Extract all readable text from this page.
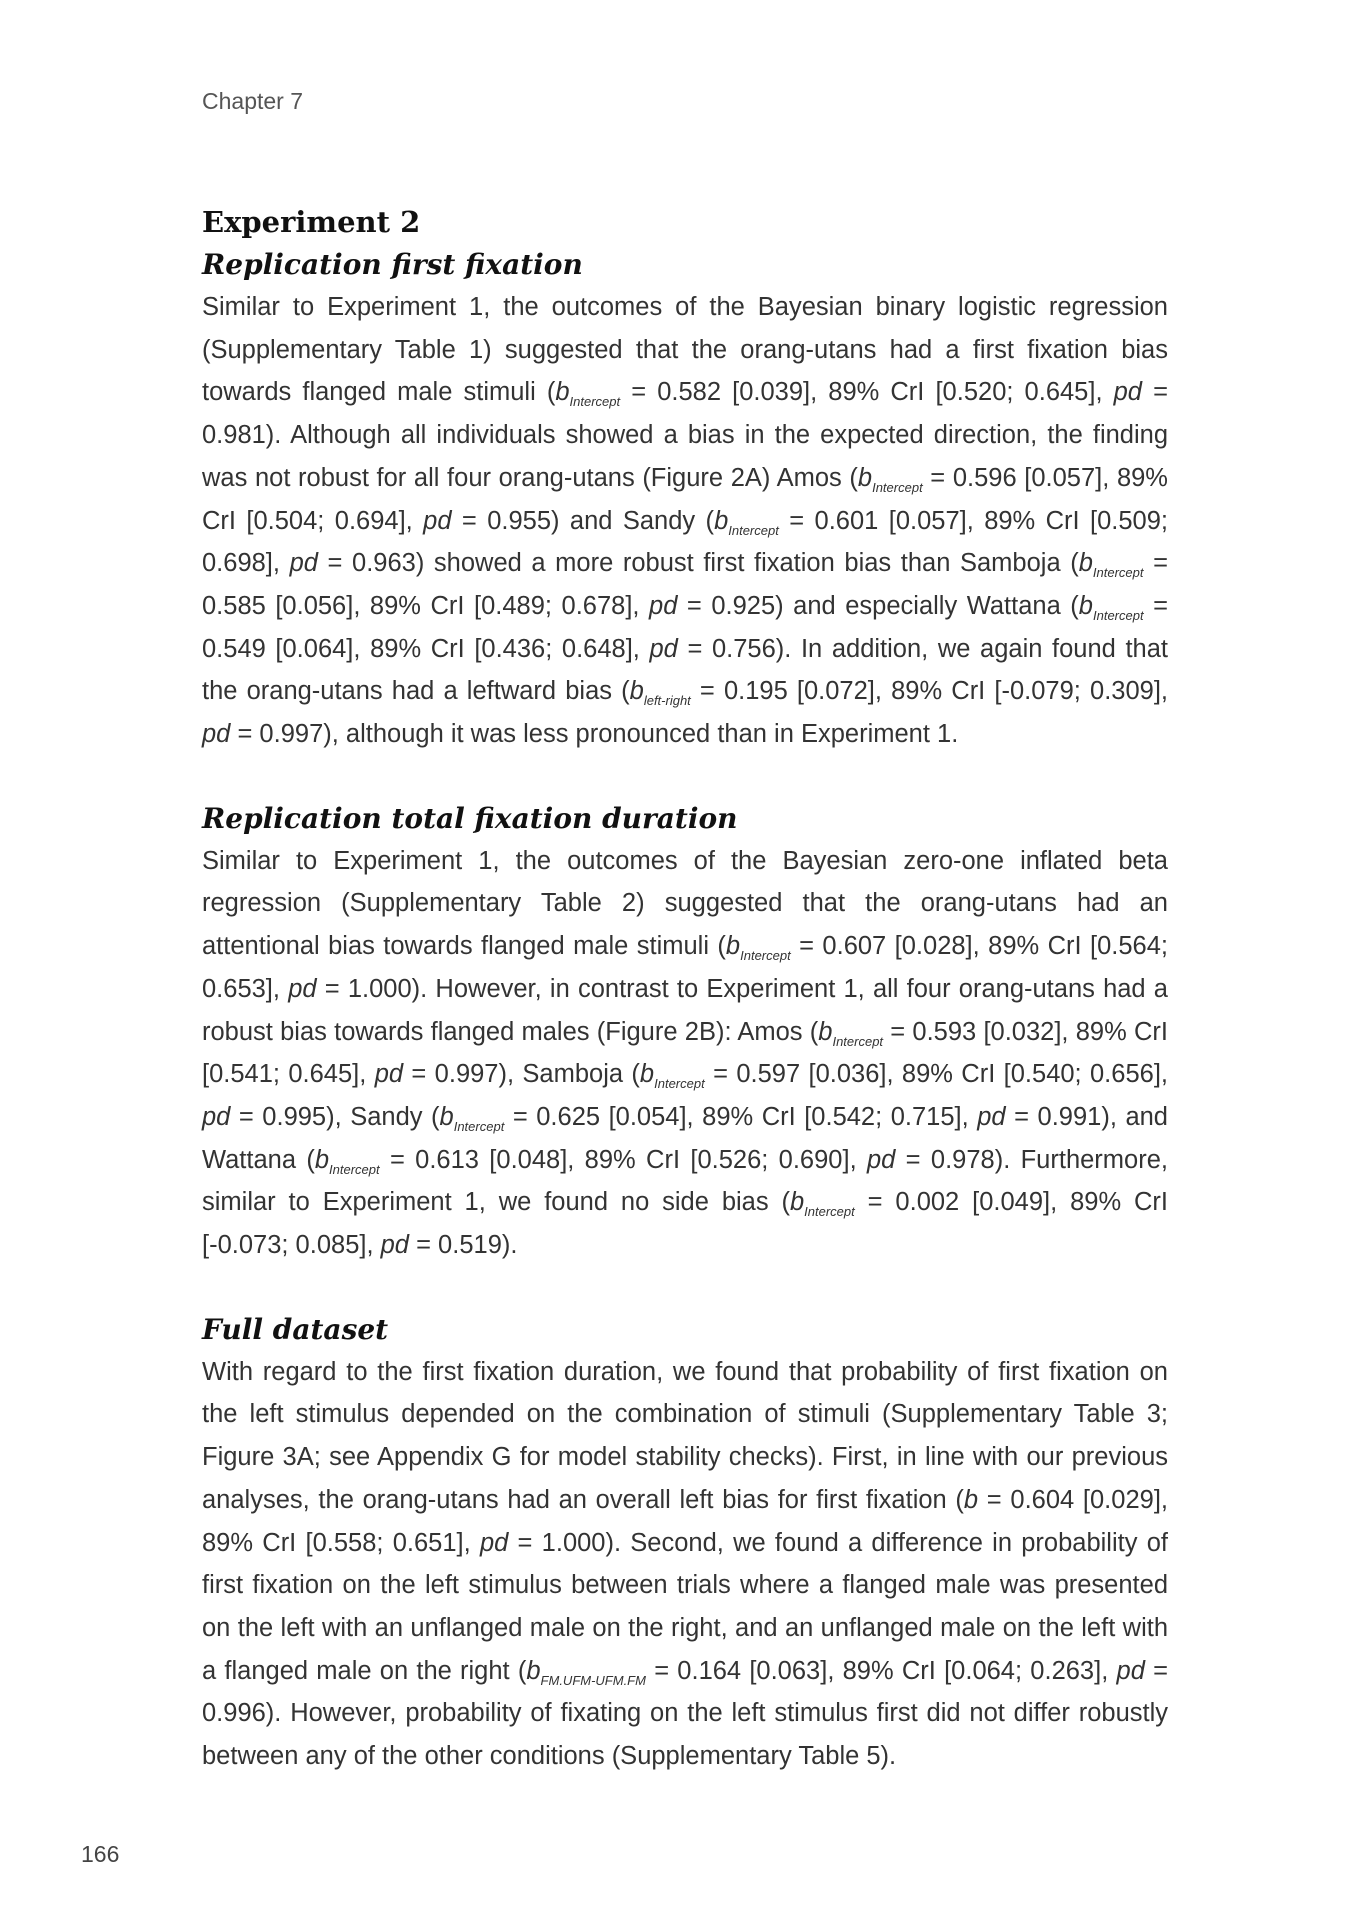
Chapter 7

Experiment 2
Replication first fixation

Similar to Experiment 1, the outcomes of the Bayesian binary logistic regression (Supplementary Table 1) suggested that the orang-utans had a first fixation bias towards flanged male stimuli ($b_{Intercept} = 0.582$ [0.039], 89% CrI [0.520; 0.645], pd = 0.981). Although all individuals showed a bias in the expected direction, the finding was not robust for all four orang-utans (Figure 2A) Amos ($b_{Intercept} = 0.596$ [0.057], 89% CrI [0.504; 0.694], pd = 0.955) and Sandy ($b_{Intercept} = 0.601$ [0.057], 89% CrI [0.509; 0.698], pd = 0.963) showed a more robust first fixation bias than Samboja ($b_{Intercept} = 0.585$ [0.056], 89% CrI [0.489; 0.678], pd = 0.925) and especially Wattana ($b_{Intercept} = 0.549$ [0.064], 89% CrI [0.436; 0.648], pd = 0.756). In addition, we again found that the orang-utans had a leftward bias ($b_{left-right} = 0.195$ [0.072], 89% CrI [-0.079; 0.309], pd = 0.997), although it was less pronounced than in Experiment 1.

Replication total fixation duration

Similar to Experiment 1, the outcomes of the Bayesian zero-one inflated beta regression (Supplementary Table 2) suggested that the orang-utans had an attentional bias towards flanged male stimuli ($b_{Intercept} = 0.607$ [0.028], 89% CrI [0.564; 0.653], pd = 1.000). However, in contrast to Experiment 1, all four orang-utans had a robust bias towards flanged males (Figure 2B): Amos ($b_{Intercept} = 0.593$ [0.032], 89% CrI [0.541; 0.645], pd = 0.997), Samboja ($b_{Intercept} = 0.597$ [0.036], 89% CrI [0.540; 0.656], pd = 0.995), Sandy ($b_{Intercept} = 0.625$ [0.054], 89% CrI [0.542; 0.715], pd = 0.991), and Wattana ($b_{Intercept} = 0.613$ [0.048], 89% CrI [0.526; 0.690], pd = 0.978). Furthermore, similar to Experiment 1, we found no side bias ($b_{Intercept} = 0.002$ [0.049], 89% CrI [-0.073; 0.085], pd = 0.519).

Full dataset

With regard to the first fixation duration, we found that probability of first fixation on the left stimulus depended on the combination of stimuli (Supplementary Table 3; Figure 3A; see Appendix G for model stability checks). First, in line with our previous analyses, the orang-utans had an overall left bias for first fixation (b = 0.604 [0.029], 89% CrI [0.558; 0.651], pd = 1.000). Second, we found a difference in probability of first fixation on the left stimulus between trials where a flanged male was presented on the left with an unflanged male on the right, and an unflanged male on the left with a flanged male on the right ($b_{FM.UFM-UFM.FM} = 0.164$ [0.063], 89% CrI [0.064; 0.263], pd = 0.996). However, probability of fixating on the left stimulus first did not differ robustly between any of the other conditions (Supplementary Table 5).

166
